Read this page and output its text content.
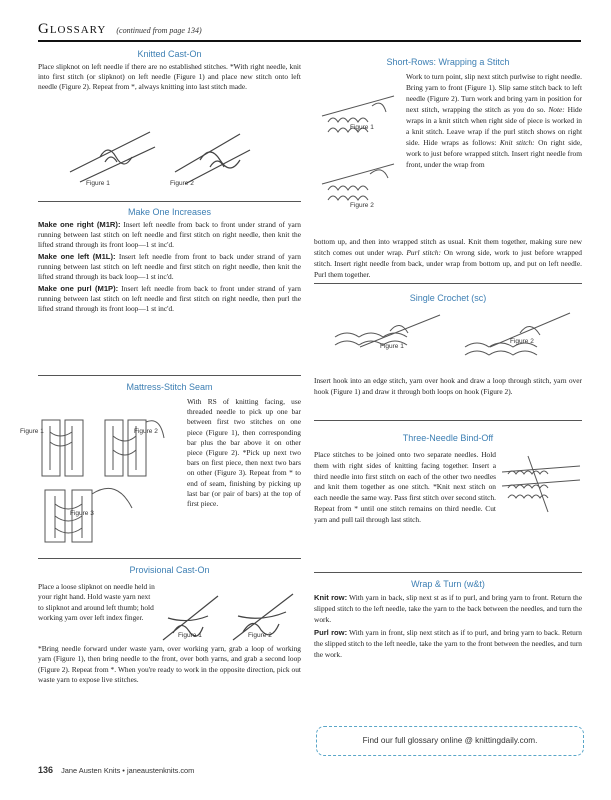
Glossary (continued from page 134)
Knitted Cast-On
Place slipknot on left needle if there are no established stitches. *With right needle, knit into first stitch (or slipknot) on left needle (Figure 1) and place new stitch onto left needle (Figure 2). Repeat from *, always knitting into last stitch made.
Figure 1	Figure 2
Make One Increases
Make one right (M1R): Insert left needle from back to front under strand of yarn running between last stitch on left needle and first stitch on right needle, then knit the lifted strand through its front loop—1 st inc'd.
Make one left (M1L): Insert left needle from front to back under strand of yarn running between last stitch on left needle and first stitch on right needle, then knit the lifted strand through its back loop—1 st inc'd.
Make one purl (M1P): Insert left needle from back to front under strand of yarn running between last stitch on left needle and first stitch on right needle, then purl the lifted strand through its front loop—1 st inc'd.
Mattress-Stitch Seam
With RS of knitting facing, use threaded needle to pick up one bar between first two stitches on one piece (Figure 1), then corresponding bar plus the bar above it on other piece (Figure 2). *Pick up next two bars on first piece, then next two bars on other (Figure 3). Repeat from * to end of seam, finishing by picking up last bar (or pair of bars) at the top of first piece.
Figure 1	Figure 2
Figure 3
Provisional Cast-On
Place a loose slipknot on needle held in your right hand. Hold waste yarn next to slipknot and around left thumb; hold working yarn over left index finger.
Figure 1	Figure 2
*Bring needle forward under waste yarn, over working yarn, grab a loop of working yarn (Figure 1), then bring needle to the front, over both yarns, and grab a second loop (Figure 2). Repeat from *. When you're ready to work in the opposite direction, pick out waste yarn to expose live stitches.
Short-Rows: Wrapping a Stitch
Figure 1
Figure 2
Work to turn point, slip next stitch purlwise to right needle. Bring yarn to front (Figure 1). Slip same stitch back to left needle (Figure 2). Turn work and bring yarn in position for next stitch, wrapping the stitch as you do so. Note: Hide wraps in a knit stitch when right side of piece is worked in a knit stitch. Leave wrap if the purl stitch shows on right side. Hide wraps as follows: Knit stitch: On right side, work to just before wrapped stitch. Insert right needle from front, under the wrap from
bottom up, and then into wrapped stitch as usual. Knit them together, making sure new stitch comes out under wrap. Purl stitch: On wrong side, work to just before wrapped stitch. Insert right needle from back, under wrap from bottom up, and put on left needle. Purl them together.
Single Crochet (sc)
Figure 1
Figure 2
Insert hook into an edge stitch, yarn over hook and draw a loop through stitch, yarn over hook (Figure 1) and draw it through both loops on hook (Figure 2).
Three-Needle Bind-Off
Place stitches to be joined onto two separate needles. Hold them with right sides of knitting facing together. Insert a third needle into first stitch on each of the other two needles and knit them together as one stitch. *Knit next stitch on each needle the same way. Pass first stitch over second stitch. Repeat from * until one stitch remains on third needle. Cut yarn and pull tail through last stitch.
Wrap & Turn (w&t)
Knit row: With yarn in back, slip next st as if to purl, and bring yarn to front. Return the slipped stitch to the left needle, take the yarn to the back between the needles, and turn the work.
Purl row: With yarn in front, slip next stitch as if to purl, and bring yarn to back. Return the slipped stitch to the left needle, take the yarn to the front between the needles, and turn the work.
Find our full glossary online @ knittingdaily.com.
136 Jane Austen Knits • janeaustenknits.com
